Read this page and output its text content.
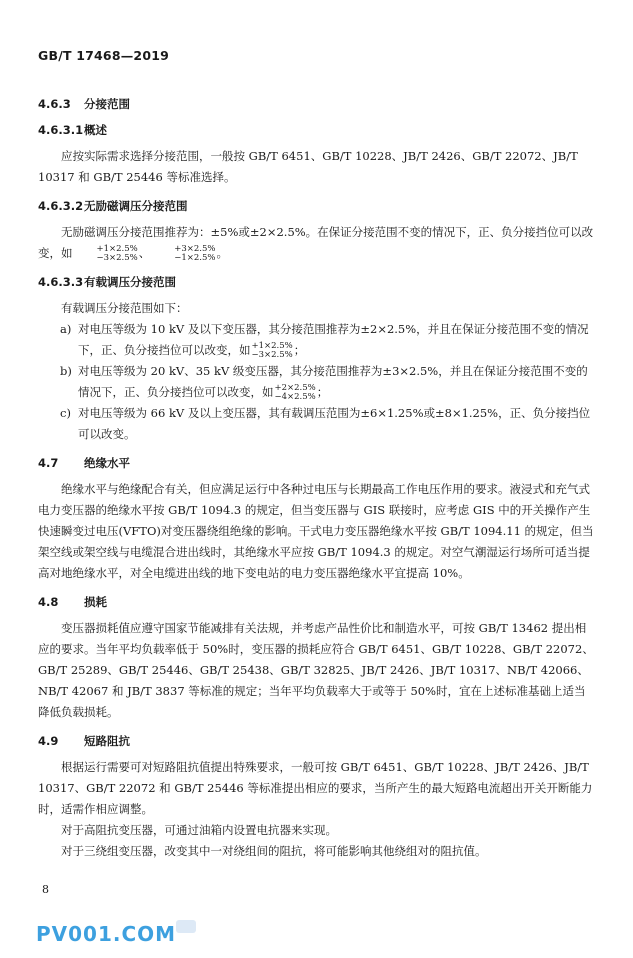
GB/T 17468—2019
4.6.3 分接范围
4.6.3.1概述

应按实际需求选择分接范围，一般按 GB/T 6451、GB/T 10228、JB/T 2426、GB/T 22072、JB/T 10317 和 GB/T 25446 等标准选择。

4.6.3.2无励磁调压分接范围

无励磁调压分接范围推荐为：±5%或±2×2.5%。在保证分接范围不变的情况下，正、负分接挡位可以改变，如	+1×2.5%
−3×2.5% 、	+3×2.5%
−1×2.5% 。

4.6.3.3有载调压分接范围

有载调压分接范围如下：

a) 对电压等级为 10 kV 及以下变压器，其分接范围推荐为±2×2.5%，并且在保证分接范围不变的情况下，正、负分接挡位可以改变，如 +1×2.5%
−3×2.5% ；

b) 对电压等级为 20 kV、35 kV 级变压器，其分接范围推荐为±3×2.5%，并且在保证分接范围不变的情况下，正、负分接挡位可以改变，如 +2×2.5%
−4×2.5% ；

c) 对电压等级为 66 kV 及以上变压器，其有载调压范围为±6×1.25%或±8×1.25%，正、负分接挡位可以改变。

4.7 绝缘水平

绝缘水平与绝缘配合有关，但应满足运行中各种过电压与长期最高工作电压作用的要求。液浸式和充气式电力变压器的绝缘水平按 GB/T 1094.3 的规定，但当变压器与 GIS 联接时，应考虑 GIS 中的开关操作产生快速瞬变过电压(VFTO)对变压器绕组绝缘的影响。干式电力变压器绝缘水平按 GB/T 1094.11 的规定，但当架空线或架空线与电缆混合进出线时，其绝缘水平应按 GB/T 1094.3 的规定。对空气潮湿运行场所可适当提高对地绝缘水平，对全电缆进出线的地下变电站的电力变压器绝缘水平宜提高 10%。

4.8 损耗

变压器损耗值应遵守国家节能减排有关法规，并考虑产品性价比和制造水平，可按 GB/T 13462 提出相应的要求。当年平均负载率低于 50%时，变压器的损耗应符合 GB/T 6451、GB/T 10228、GB/T 22072、GB/T 25289、GB/T 25446、GB/T 25438、GB/T 32825、JB/T 2426、JB/T 10317、NB/T 42066、NB/T 42067 和 JB/T 3837 等标准的规定；当年平均负载率大于或等于 50%时，宜在上述标准基础上适当降低负载损耗。

4.9 短路阻抗

根据运行需要可对短路阻抗值提出特殊要求，一般可按 GB/T 6451、GB/T 10228、JB/T 2426、JB/T 10317、GB/T 22072 和 GB/T 25446 等标准提出相应的要求，当所产生的最大短路电流超出开关开断能力时，适需作相应调整。

对于高阻抗变压器，可通过油箱内设置电抗器来实现。

对于三绕组变压器，改变其中一对绕组间的阻抗，将可能影响其他绕组对的阻抗值。

8
PV001.COM
